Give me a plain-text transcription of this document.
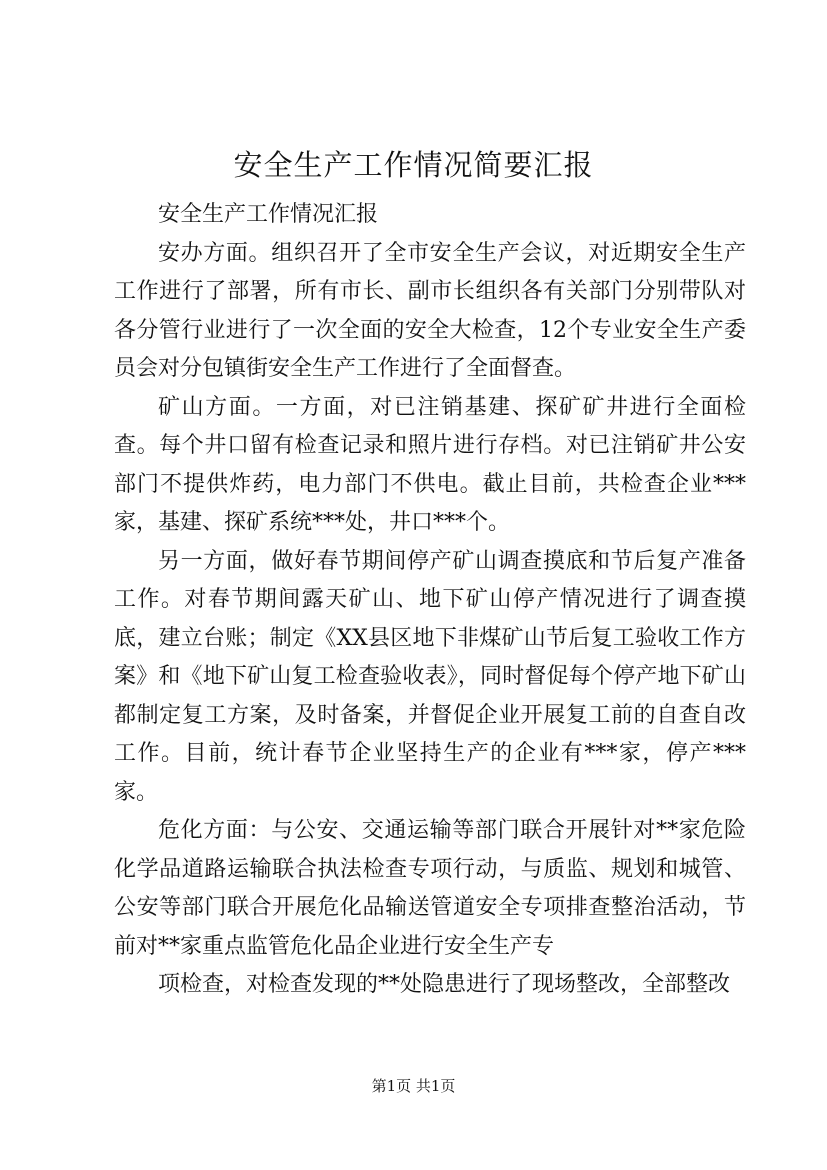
安全生产工作情况简要汇报

安全生产工作情况汇报

安办方面。组织召开了全市安全生产会议，对近期安全生产工作进行了部署，所有市长、副市长组织各有关部门分别带队对各分管行业进行了一次全面的安全大检查，12个专业安全生产委员会对分包镇街安全生产工作进行了全面督查。

矿山方面。一方面，对已注销基建、探矿矿井进行全面检查。每个井口留有检查记录和照片进行存档。对已注销矿井公安部门不提供炸药，电力部门不供电。截止目前，共检查企业***家，基建、探矿系统***处，井口***个。

另一方面，做好春节期间停产矿山调查摸底和节后复产准备工作。对春节期间露天矿山、地下矿山停产情况进行了调查摸底，建立台账；制定《XX县区地下非煤矿山节后复工验收工作方案》和《地下矿山复工检查验收表》，同时督促每个停产地下矿山都制定复工方案，及时备案，并督促企业开展复工前的自查自改工作。目前，统计春节企业坚持生产的企业有***家，停产***家。

危化方面：与公安、交通运输等部门联合开展针对**家危险化学品道路运输联合执法检查专项行动，与质监、规划和城管、公安等部门联合开展危化品输送管道安全专项排查整治活动，节前对**家重点监管危化品企业进行安全生产专

项检查，对检查发现的**处隐患进行了现场整改，全部整改

第1页 共1页
